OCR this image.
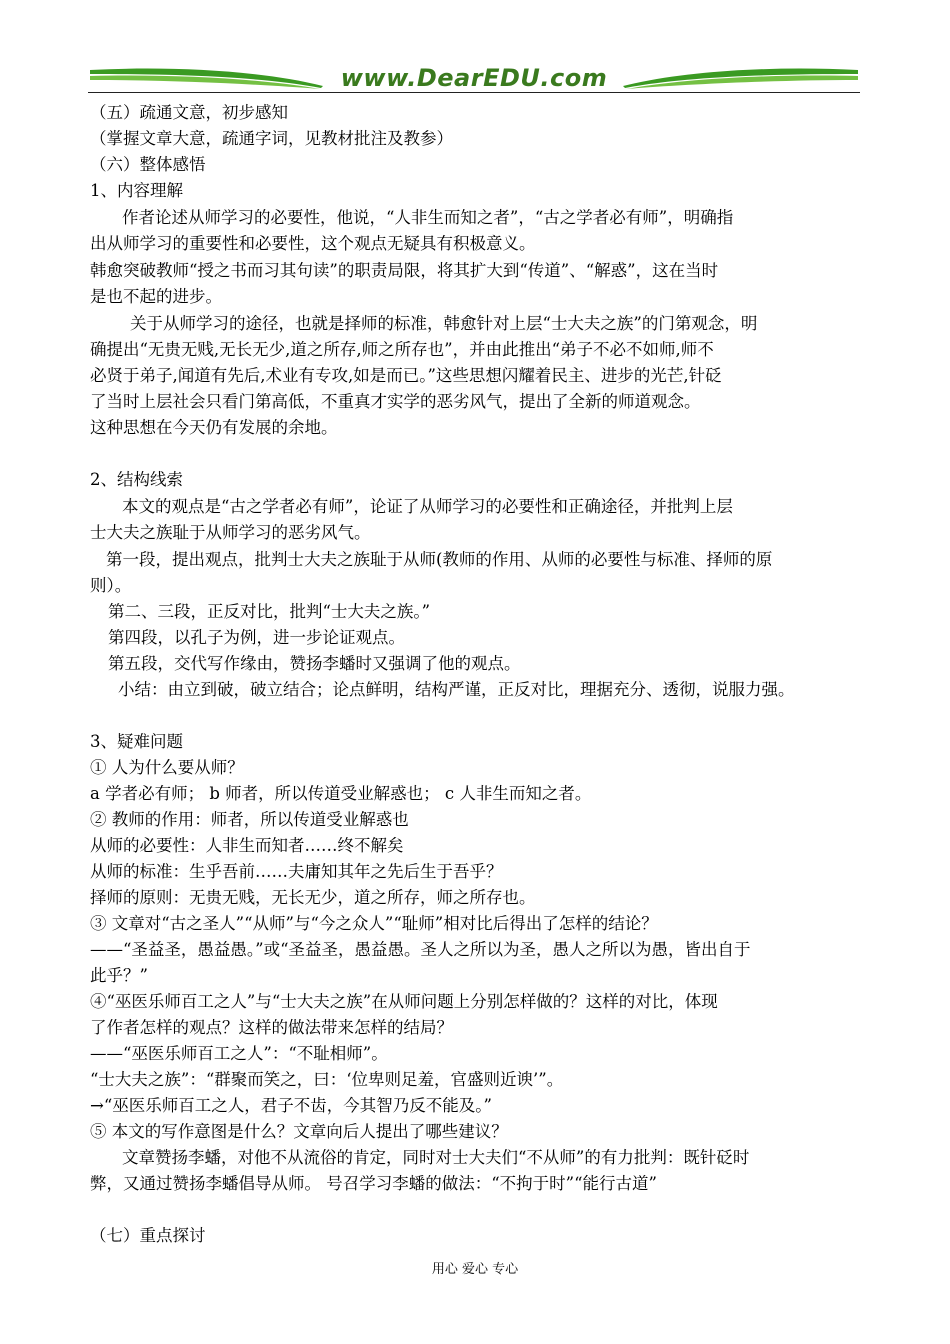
www.DearEDU.com
（五）疏通文意，初步感知
（掌握文章大意，疏通字词，见教材批注及教参）
（六）整体感悟
1、内容理解
作者论述从师学习的必要性，他说，“人非生而知之者”，“古之学者必有师”，明确指
出从师学习的重要性和必要性，这个观点无疑具有积极意义。
韩愈突破教师“授之书而习其句读”的职责局限，将其扩大到“传道”、“解惑”，这在当时
是也不起的进步。
关于从师学习的途径，也就是择师的标准，韩愈针对上层“士大夫之族”的门第观念，明
确提出“无贵无贱,无长无少,道之所存,师之所存也”，并由此推出“弟子不必不如师,师不
必贤于弟子,闻道有先后,术业有专攻,如是而已。”这些思想闪耀着民主、进步的光芒,针砭
了当时上层社会只看门第高低，不重真才实学的恶劣风气，提出了全新的师道观念。
这种思想在今天仍有发展的余地。
2、结构线索
本文的观点是“古之学者必有师”，论证了从师学习的必要性和正确途径，并批判上层
士大夫之族耻于从师学习的恶劣风气。
第一段，提出观点，批判士大夫之族耻于从师(教师的作用、从师的必要性与标准、择师的原
则）。
第二、三段，正反对比，批判“士大夫之族。”
第四段，以孔子为例，进一步论证观点。
第五段，交代写作缘由，赞扬李蟠时又强调了他的观点。
小结：由立到破，破立结合；论点鲜明，结构严谨，正反对比，理据充分、透彻，说服力强。
3、疑难问题
① 人为什么要从师？
a 学者必有师； b 师者，所以传道受业解惑也； c 人非生而知之者。
② 教师的作用：师者，所以传道受业解惑也
从师的必要性：人非生而知者……终不解矣
从师的标准：生乎吾前……夫庸知其年之先后生于吾乎？
择师的原则：无贵无贱，无长无少，道之所存，师之所存也。
③ 文章对“古之圣人”“从师”与“今之众人”“耻师”相对比后得出了怎样的结论？
——“圣益圣，愚益愚。”或“圣益圣，愚益愚。圣人之所以为圣，愚人之所以为愚，皆出自于
此乎？”
④“巫医乐师百工之人”与“士大夫之族”在从师问题上分别怎样做的？这样的对比，体现
了作者怎样的观点？这样的做法带来怎样的结局？
——“巫医乐师百工之人”：“不耻相师”。
“士大夫之族”：“群聚而笑之，曰：‘位卑则足羞，官盛则近谀’”。
→“巫医乐师百工之人，君子不齿，今其智乃反不能及。”
⑤ 本文的写作意图是什么？文章向后人提出了哪些建议？
文章赞扬李蟠，对他不从流俗的肯定，同时对士大夫们“不从师”的有力批判：既针砭时
弊，又通过赞扬李蟠倡导从师。 号召学习李蟠的做法：“不拘于时”“能行古道”
（七）重点探讨
用心 爱心 专心
